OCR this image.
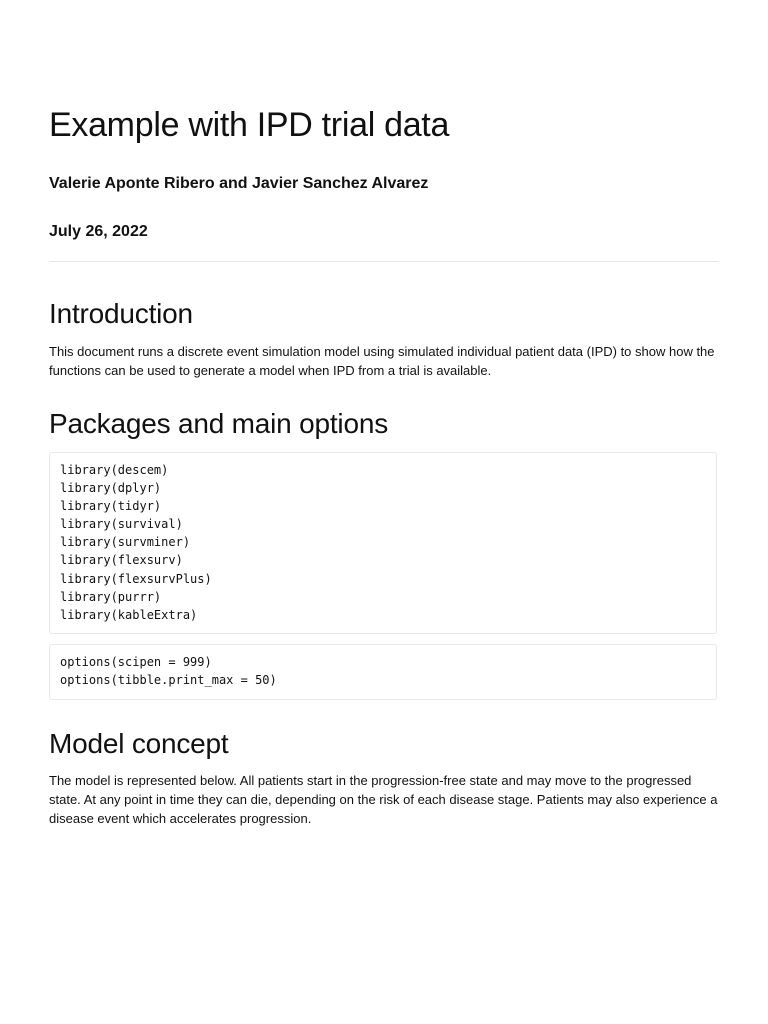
Example with IPD trial data
Valerie Aponte Ribero and Javier Sanchez Alvarez
July 26, 2022
Introduction

This document runs a discrete event simulation model using simulated individual patient data (IPD) to show how the functions can be used to generate a model when IPD from a trial is available.

Packages and main options
library(descem)
library(dplyr)
library(tidyr)
library(survival)
library(survminer)
library(flexsurv)
library(flexsurvPlus)
library(purrr)
library(kableExtra)
options(scipen = 999)
options(tibble.print_max = 50)
Model concept

The model is represented below. All patients start in the progression-free state and may move to the progressed state. At any point in time they can die, depending on the risk of each disease stage. Patients may also experience a disease event which accelerates progression.
